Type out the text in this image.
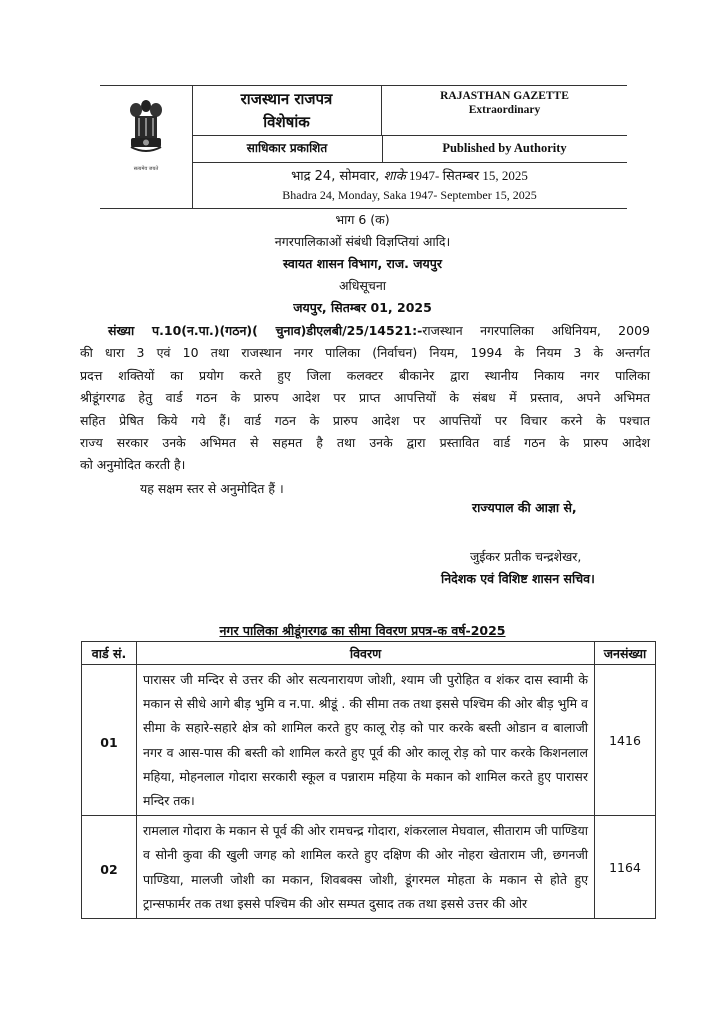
सत्यमेव जयते
राजस्थान राजपत्र
विशेषांक
RAJASTHAN GAZETTE
Extraordinary
साधिकार प्रकाशित	Published by Authority
भाद्र 24, सोमवार, शाके 1947- सितम्बर 15, 2025
Bhadra 24, Monday, Saka 1947- September 15, 2025
भाग 6 (क)
नगरपालिकाओं संबंधी विज्ञप्तियां आदि।
स्वायत शासन विभाग, राज. जयपुर
अधिसूचना
जयपुर, सितम्बर 01, 2025
संख्या प.10(न.पा.)(गठन)( चुनाव)डीएलबी/25/14521:-राजस्थान नगरपालिका अधिनियम, 2009
की धारा 3 एवं 10 तथा राजस्थान नगर पालिका (निर्वाचन) नियम, 1994 के नियम 3 के अन्तर्गत
प्रदत्त शक्तियों का प्रयोग करते हुए जिला कलक्टर बीकानेर द्वारा स्थानीय निकाय नगर पालिका
श्रीडूंगरगढ हेतु वार्ड गठन के प्रारुप आदेश पर प्राप्त आपत्तियों के संबध में प्रस्ताव, अपने अभिमत
सहित प्रेषित किये गये हैं। वार्ड गठन के प्रारुप आदेश पर आपत्तियों पर विचार करने के पश्चात
राज्य सरकार उनके अभिमत से सहमत है तथा उनके द्वारा प्रस्तावित वार्ड गठन के प्रारुप आदेश
को अनुमोदित करती है।
यह सक्षम स्तर से अनुमोदित हैं ।
राज्यपाल की आज्ञा से,
जुईकर प्रतीक चन्द्रशेखर,
निदेशक एवं विशिष्ट शासन सचिव।
नगर पालिका श्रीडूंगरगढ का सीमा विवरण प्रपत्र-क वर्ष-2025
वार्ड सं.	विवरण	जनसंख्या
01	पारासर जी मन्दिर से उत्तर की ओर सत्यनारायण जोशी, श्याम जी पुरोहित व शंकर दास स्वामी के मकान से सीधे आगे बीड़ भुमि व न.पा. श्रीडूं . की सीमा तक तथा इससे पश्चिम की ओर बीड़ भुमि व सीमा के सहारे-सहारे क्षेत्र को शामिल करते हुए कालू रोड़ को पार करके बस्ती ओडान व बालाजी नगर व आस-पास की बस्ती को शामिल करते हुए पूर्व की ओर कालू रोड़ को पार करके किशनलाल महिया, मोहनलाल गोदारा सरकारी स्कूल व पन्नाराम महिया के मकान को शामिल करते हुए पारासर मन्दिर तक।	1416
02	रामलाल गोदारा के मकान से पूर्व की ओर रामचन्द्र गोदारा, शंकरलाल मेघवाल, सीताराम जी पाण्डिया व सोनी कुवा की खुली जगह को शामिल करते हुए दक्षिण की ओर नोहरा खेताराम जी, छगनजी पाण्डिया, मालजी जोशी का मकान, शिवबक्स जोशी, डूंगरमल मोहता के मकान से होते हुए ट्रान्सफार्मर तक तथा इससे पश्चिम की ओर सम्पत दुसाद तक तथा इससे उत्तर की ओर	1164
